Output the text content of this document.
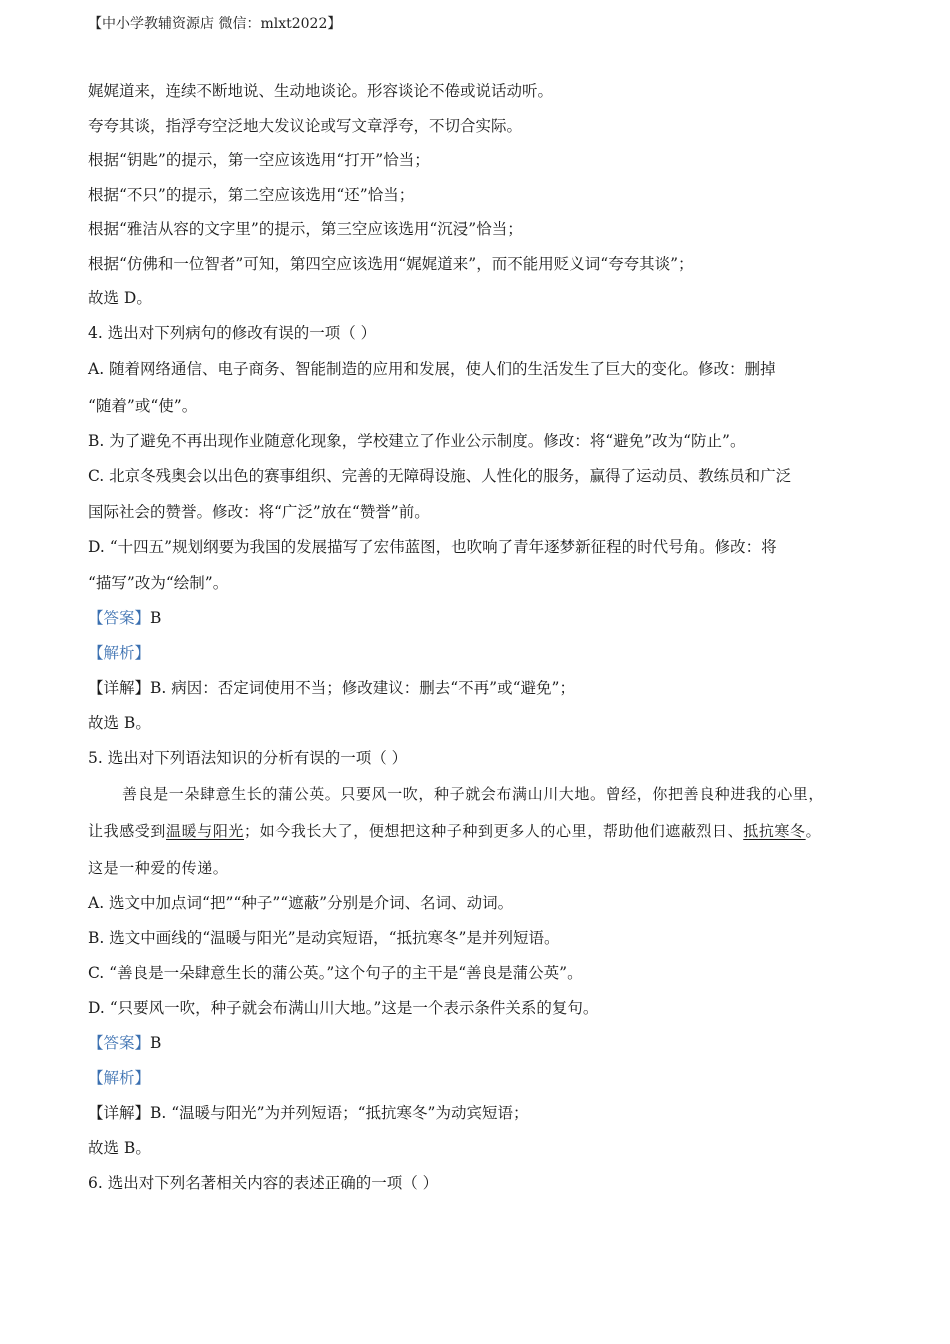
【中小学教辅资源店 微信：mlxt2022】
娓娓道来，连续不断地说、生动地谈论。形容谈论不倦或说话动听。
夸夸其谈，指浮夸空泛地大发议论或写文章浮夸，不切合实际。
根据“钥匙”的提示，第一空应该选用“打开”恰当；
根据“不只”的提示，第二空应该选用“还”恰当；
根据“雅洁从容的文字里”的提示，第三空应该选用“沉浸”恰当；
根据“仿佛和一位智者”可知，第四空应该选用“娓娓道来”，而不能用贬义词“夸夸其谈”；
故选 D。
4. 选出对下列病句的修改有误的一项（ ）
A. 随着网络通信、电子商务、智能制造的应用和发展，使人们的生活发生了巨大的变化。修改：删掉
“随着”或“使”。
B. 为了避免不再出现作业随意化现象，学校建立了作业公示制度。修改：将“避免”改为“防止”。
C. 北京冬残奥会以出色的赛事组织、完善的无障碍设施、人性化的服务，赢得了运动员、教练员和广泛
国际社会的赞誉。修改：将“广泛”放在“赞誉”前。
D. “十四五”规划纲要为我国的发展描写了宏伟蓝图，也吹响了青年逐梦新征程的时代号角。修改：将
“描写”改为“绘制”。
【答案】B
【解析】
【详解】B. 病因：否定词使用不当；修改建议：删去“不再”或“避免”；
故选 B。
5. 选出对下列语法知识的分析有误的一项（ ）
善良是一朵肆意生长的蒲公英。只要风一吹，种子就会布满山川大地。曾经，你把善良种进我的心里，
让我感受到温暖与阳光；如今我长大了，便想把这种子种到更多人的心里，帮助他们遮蔽烈日、抵抗寒冬。
这是一种爱的传递。
A. 选文中加点词“把”“种子”“遮蔽”分别是介词、名词、动词。
B. 选文中画线的“温暖与阳光”是动宾短语，“抵抗寒冬”是并列短语。
C. “善良是一朵肆意生长的蒲公英。”这个句子的主干是“善良是蒲公英”。
D. “只要风一吹，种子就会布满山川大地。”这是一个表示条件关系的复句。
【答案】B
【解析】
【详解】B. “温暖与阳光”为并列短语；“抵抗寒冬”为动宾短语；
故选 B。
6. 选出对下列名著相关内容的表述正确的一项（ ）
